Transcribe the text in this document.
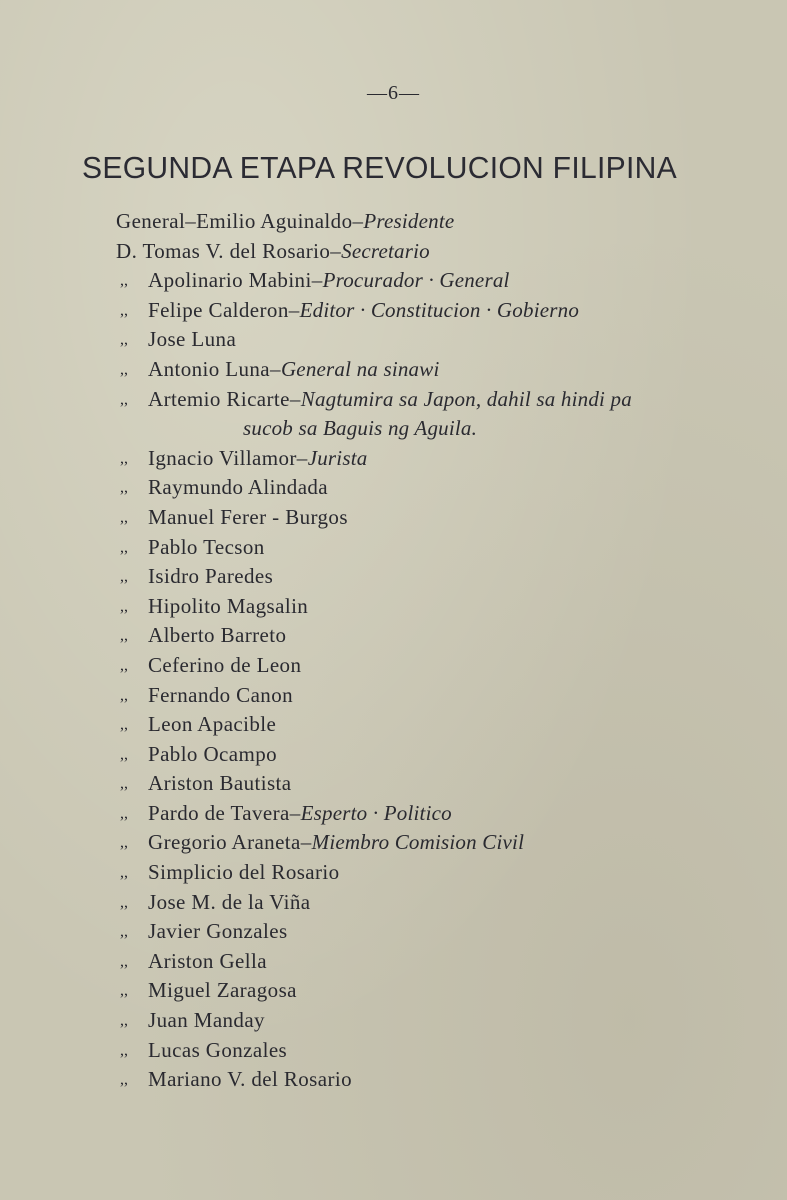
—6—
SEGUNDA ETAPA REVOLUCION FILIPINA
General–Emilio Aguinaldo–Presidente
D. Tomas V. del Rosario–Secretario
,, Apolinario Mabini–Procurador · General
,, Felipe Calderon–Editor · Constitucion · Gobierno
,, Jose Luna
,, Antonio Luna–General na sinawi
,, Artemio Ricarte–Nagtumira sa Japon, dahil sa hindi pa
sucob sa Baguis ng Aguila.
,, Ignacio Villamor–Jurista
,, Raymundo Alindada
,, Manuel Ferer - Burgos
,, Pablo Tecson
,, Isidro Paredes
,, Hipolito Magsalin
,, Alberto Barreto
,, Ceferino de Leon
,, Fernando Canon
,, Leon Apacible
,, Pablo Ocampo
,, Ariston Bautista
,, Pardo de Tavera–Esperto · Politico
,, Gregorio Araneta–Miembro Comision Civil
,, Simplicio del Rosario
,, Jose M. de la Viña
,, Javier Gonzales
,, Ariston Gella
,, Miguel Zaragosa
,, Juan Manday
,, Lucas Gonzales
,, Mariano V. del Rosario
